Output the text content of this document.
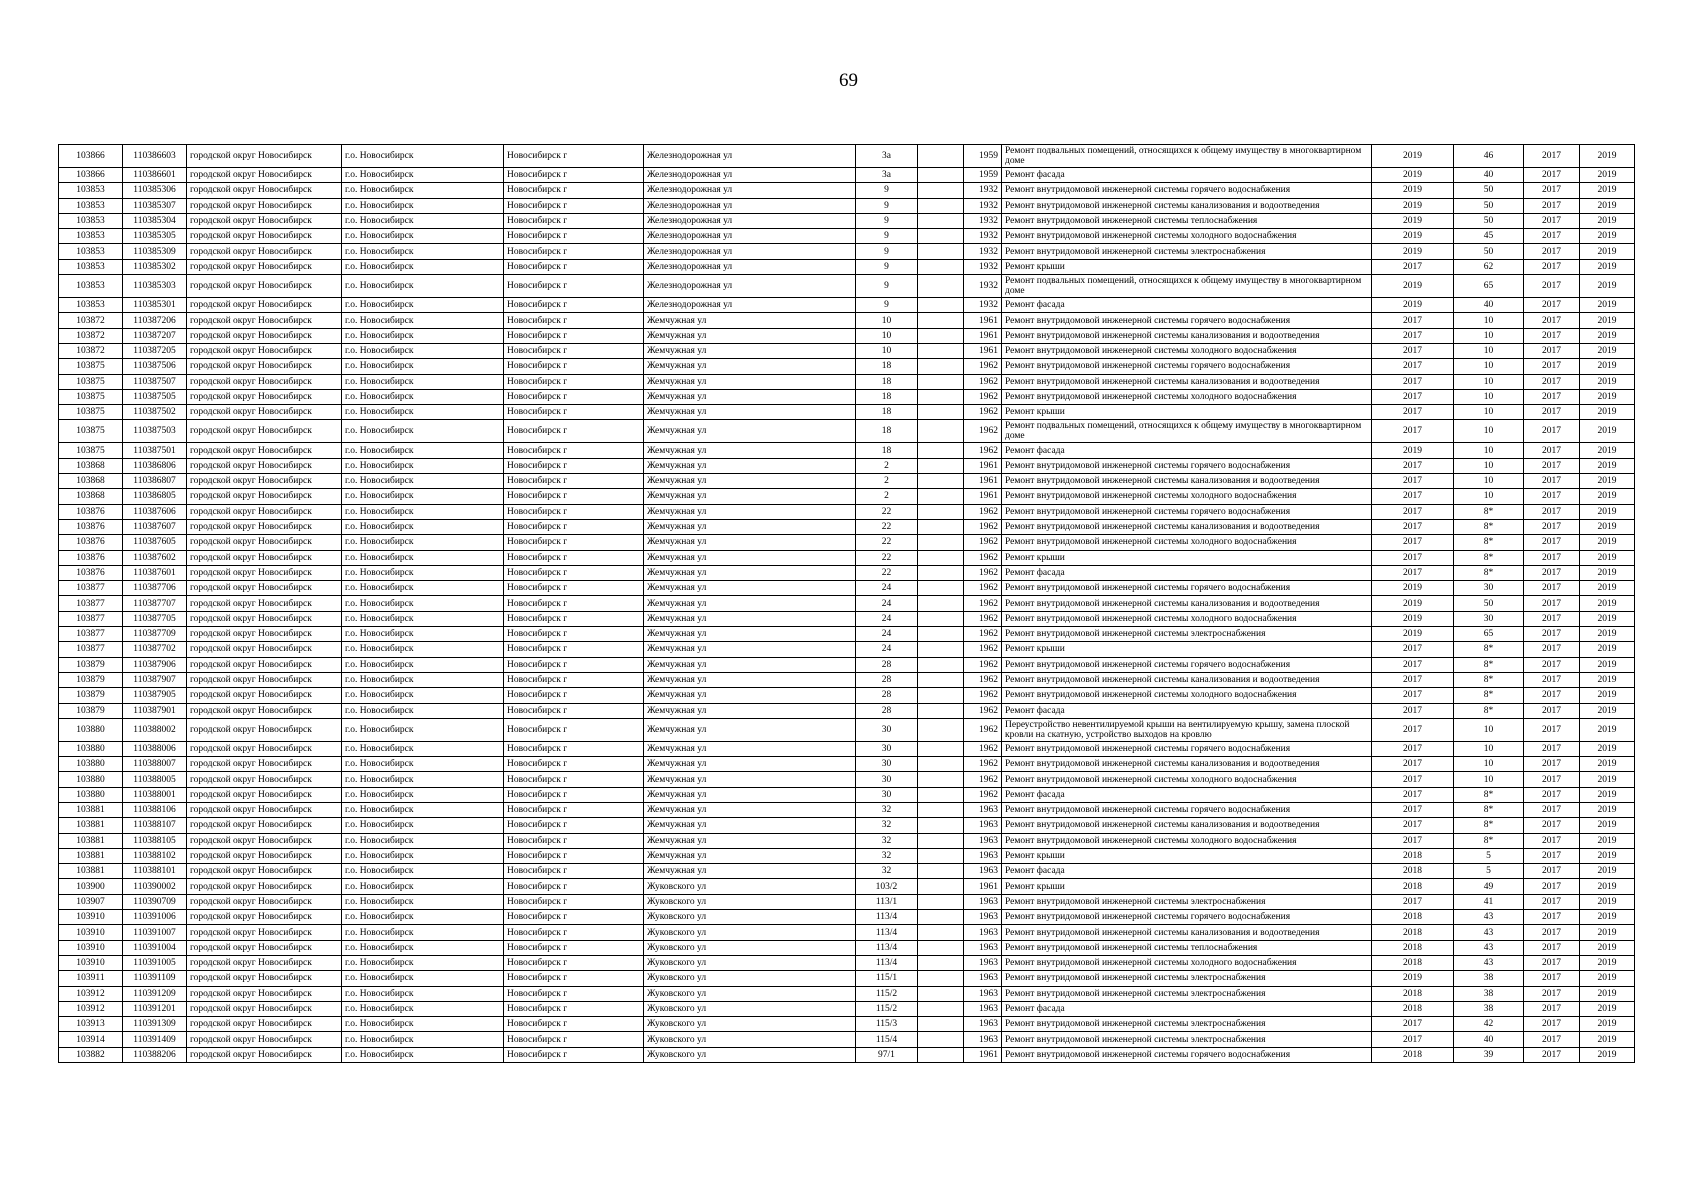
69
103866	110386603	городской округ Новосибирск	г.о. Новосибирск	Новосибирск г	Железнодорожная ул	3а		1959	Ремонт подвальных помещений, относящихся к общему имуществу в многоквартирном доме	2019	46	2017	2019
103866	110386601	городской округ Новосибирск	г.о. Новосибирск	Новосибирск г	Железнодорожная ул	3а		1959	Ремонт фасада	2019	40	2017	2019
103853	110385306	городской округ Новосибирск	г.о. Новосибирск	Новосибирск г	Железнодорожная ул	9		1932	Ремонт внутридомовой инженерной системы горячего водоснабжения	2019	50	2017	2019
103853	110385307	городской округ Новосибирск	г.о. Новосибирск	Новосибирск г	Железнодорожная ул	9		1932	Ремонт внутридомовой инженерной системы канализования и водоотведения	2019	50	2017	2019
103853	110385304	городской округ Новосибирск	г.о. Новосибирск	Новосибирск г	Железнодорожная ул	9		1932	Ремонт внутридомовой инженерной системы теплоснабжения	2019	50	2017	2019
103853	110385305	городской округ Новосибирск	г.о. Новосибирск	Новосибирск г	Железнодорожная ул	9		1932	Ремонт внутридомовой инженерной системы холодного водоснабжения	2019	45	2017	2019
103853	110385309	городской округ Новосибирск	г.о. Новосибирск	Новосибирск г	Железнодорожная ул	9		1932	Ремонт внутридомовой инженерной системы электроснабжения	2019	50	2017	2019
103853	110385302	городской округ Новосибирск	г.о. Новосибирск	Новосибирск г	Железнодорожная ул	9		1932	Ремонт крыши	2017	62	2017	2019
103853	110385303	городской округ Новосибирск	г.о. Новосибирск	Новосибирск г	Железнодорожная ул	9		1932	Ремонт подвальных помещений, относящихся к общему имуществу в многоквартирном доме	2019	65	2017	2019
103853	110385301	городской округ Новосибирск	г.о. Новосибирск	Новосибирск г	Железнодорожная ул	9		1932	Ремонт фасада	2019	40	2017	2019
103872	110387206	городской округ Новосибирск	г.о. Новосибирск	Новосибирск г	Жемчужная ул	10		1961	Ремонт внутридомовой инженерной системы горячего водоснабжения	2017	10	2017	2019
103872	110387207	городской округ Новосибирск	г.о. Новосибирск	Новосибирск г	Жемчужная ул	10		1961	Ремонт внутридомовой инженерной системы канализования и водоотведения	2017	10	2017	2019
103872	110387205	городской округ Новосибирск	г.о. Новосибирск	Новосибирск г	Жемчужная ул	10		1961	Ремонт внутридомовой инженерной системы холодного водоснабжения	2017	10	2017	2019
103875	110387506	городской округ Новосибирск	г.о. Новосибирск	Новосибирск г	Жемчужная ул	18		1962	Ремонт внутридомовой инженерной системы горячего водоснабжения	2017	10	2017	2019
103875	110387507	городской округ Новосибирск	г.о. Новосибирск	Новосибирск г	Жемчужная ул	18		1962	Ремонт внутридомовой инженерной системы канализования и водоотведения	2017	10	2017	2019
103875	110387505	городской округ Новосибирск	г.о. Новосибирск	Новосибирск г	Жемчужная ул	18		1962	Ремонт внутридомовой инженерной системы холодного водоснабжения	2017	10	2017	2019
103875	110387502	городской округ Новосибирск	г.о. Новосибирск	Новосибирск г	Жемчужная ул	18		1962	Ремонт крыши	2017	10	2017	2019
103875	110387503	городской округ Новосибирск	г.о. Новосибирск	Новосибирск г	Жемчужная ул	18		1962	Ремонт подвальных помещений, относящихся к общему имуществу в многоквартирном доме	2017	10	2017	2019
103875	110387501	городской округ Новосибирск	г.о. Новосибирск	Новосибирск г	Жемчужная ул	18		1962	Ремонт фасада	2019	10	2017	2019
103868	110386806	городской округ Новосибирск	г.о. Новосибирск	Новосибирск г	Жемчужная ул	2		1961	Ремонт внутридомовой инженерной системы горячего водоснабжения	2017	10	2017	2019
103868	110386807	городской округ Новосибирск	г.о. Новосибирск	Новосибирск г	Жемчужная ул	2		1961	Ремонт внутридомовой инженерной системы канализования и водоотведения	2017	10	2017	2019
103868	110386805	городской округ Новосибирск	г.о. Новосибирск	Новосибирск г	Жемчужная ул	2		1961	Ремонт внутридомовой инженерной системы холодного водоснабжения	2017	10	2017	2019
103876	110387606	городской округ Новосибирск	г.о. Новосибирск	Новосибирск г	Жемчужная ул	22		1962	Ремонт внутридомовой инженерной системы горячего водоснабжения	2017	8*	2017	2019
103876	110387607	городской округ Новосибирск	г.о. Новосибирск	Новосибирск г	Жемчужная ул	22		1962	Ремонт внутридомовой инженерной системы канализования и водоотведения	2017	8*	2017	2019
103876	110387605	городской округ Новосибирск	г.о. Новосибирск	Новосибирск г	Жемчужная ул	22		1962	Ремонт внутридомовой инженерной системы холодного водоснабжения	2017	8*	2017	2019
103876	110387602	городской округ Новосибирск	г.о. Новосибирск	Новосибирск г	Жемчужная ул	22		1962	Ремонт крыши	2017	8*	2017	2019
103876	110387601	городской округ Новосибирск	г.о. Новосибирск	Новосибирск г	Жемчужная ул	22		1962	Ремонт фасада	2017	8*	2017	2019
103877	110387706	городской округ Новосибирск	г.о. Новосибирск	Новосибирск г	Жемчужная ул	24		1962	Ремонт внутридомовой инженерной системы горячего водоснабжения	2019	30	2017	2019
103877	110387707	городской округ Новосибирск	г.о. Новосибирск	Новосибирск г	Жемчужная ул	24		1962	Ремонт внутридомовой инженерной системы канализования и водоотведения	2019	50	2017	2019
103877	110387705	городской округ Новосибирск	г.о. Новосибирск	Новосибирск г	Жемчужная ул	24		1962	Ремонт внутридомовой инженерной системы холодного водоснабжения	2019	30	2017	2019
103877	110387709	городской округ Новосибирск	г.о. Новосибирск	Новосибирск г	Жемчужная ул	24		1962	Ремонт внутридомовой инженерной системы электроснабжения	2019	65	2017	2019
103877	110387702	городской округ Новосибирск	г.о. Новосибирск	Новосибирск г	Жемчужная ул	24		1962	Ремонт крыши	2017	8*	2017	2019
103879	110387906	городской округ Новосибирск	г.о. Новосибирск	Новосибирск г	Жемчужная ул	28		1962	Ремонт внутридомовой инженерной системы горячего водоснабжения	2017	8*	2017	2019
103879	110387907	городской округ Новосибирск	г.о. Новосибирск	Новосибирск г	Жемчужная ул	28		1962	Ремонт внутридомовой инженерной системы канализования и водоотведения	2017	8*	2017	2019
103879	110387905	городской округ Новосибирск	г.о. Новосибирск	Новосибирск г	Жемчужная ул	28		1962	Ремонт внутридомовой инженерной системы холодного водоснабжения	2017	8*	2017	2019
103879	110387901	городской округ Новосибирск	г.о. Новосибирск	Новосибирск г	Жемчужная ул	28		1962	Ремонт фасада	2017	8*	2017	2019
103880	110388002	городской округ Новосибирск	г.о. Новосибирск	Новосибирск г	Жемчужная ул	30		1962	Переустройство невентилируемой крыши на вентилируемую крышу, замена плоской кровли на скатную, устройство выходов на кровлю	2017	10	2017	2019
103880	110388006	городской округ Новосибирск	г.о. Новосибирск	Новосибирск г	Жемчужная ул	30		1962	Ремонт внутридомовой инженерной системы горячего водоснабжения	2017	10	2017	2019
103880	110388007	городской округ Новосибирск	г.о. Новосибирск	Новосибирск г	Жемчужная ул	30		1962	Ремонт внутридомовой инженерной системы канализования и водоотведения	2017	10	2017	2019
103880	110388005	городской округ Новосибирск	г.о. Новосибирск	Новосибирск г	Жемчужная ул	30		1962	Ремонт внутридомовой инженерной системы холодного водоснабжения	2017	10	2017	2019
103880	110388001	городской округ Новосибирск	г.о. Новосибирск	Новосибирск г	Жемчужная ул	30		1962	Ремонт фасада	2017	8*	2017	2019
103881	110388106	городской округ Новосибирск	г.о. Новосибирск	Новосибирск г	Жемчужная ул	32		1963	Ремонт внутридомовой инженерной системы горячего водоснабжения	2017	8*	2017	2019
103881	110388107	городской округ Новосибирск	г.о. Новосибирск	Новосибирск г	Жемчужная ул	32		1963	Ремонт внутридомовой инженерной системы канализования и водоотведения	2017	8*	2017	2019
103881	110388105	городской округ Новосибирск	г.о. Новосибирск	Новосибирск г	Жемчужная ул	32		1963	Ремонт внутридомовой инженерной системы холодного водоснабжения	2017	8*	2017	2019
103881	110388102	городской округ Новосибирск	г.о. Новосибирск	Новосибирск г	Жемчужная ул	32		1963	Ремонт крыши	2018	5	2017	2019
103881	110388101	городской округ Новосибирск	г.о. Новосибирск	Новосибирск г	Жемчужная ул	32		1963	Ремонт фасада	2018	5	2017	2019
103900	110390002	городской округ Новосибирск	г.о. Новосибирск	Новосибирск г	Жуковского ул	103/2		1961	Ремонт крыши	2018	49	2017	2019
103907	110390709	городской округ Новосибирск	г.о. Новосибирск	Новосибирск г	Жуковского ул	113/1		1963	Ремонт внутридомовой инженерной системы электроснабжения	2017	41	2017	2019
103910	110391006	городской округ Новосибирск	г.о. Новосибирск	Новосибирск г	Жуковского ул	113/4		1963	Ремонт внутридомовой инженерной системы горячего водоснабжения	2018	43	2017	2019
103910	110391007	городской округ Новосибирск	г.о. Новосибирск	Новосибирск г	Жуковского ул	113/4		1963	Ремонт внутридомовой инженерной системы канализования и водоотведения	2018	43	2017	2019
103910	110391004	городской округ Новосибирск	г.о. Новосибирск	Новосибирск г	Жуковского ул	113/4		1963	Ремонт внутридомовой инженерной системы теплоснабжения	2018	43	2017	2019
103910	110391005	городской округ Новосибирск	г.о. Новосибирск	Новосибирск г	Жуковского ул	113/4		1963	Ремонт внутридомовой инженерной системы холодного водоснабжения	2018	43	2017	2019
103911	110391109	городской округ Новосибирск	г.о. Новосибирск	Новосибирск г	Жуковского ул	115/1		1963	Ремонт внутридомовой инженерной системы электроснабжения	2019	38	2017	2019
103912	110391209	городской округ Новосибирск	г.о. Новосибирск	Новосибирск г	Жуковского ул	115/2		1963	Ремонт внутридомовой инженерной системы электроснабжения	2018	38	2017	2019
103912	110391201	городской округ Новосибирск	г.о. Новосибирск	Новосибирск г	Жуковского ул	115/2		1963	Ремонт фасада	2018	38	2017	2019
103913	110391309	городской округ Новосибирск	г.о. Новосибирск	Новосибирск г	Жуковского ул	115/3		1963	Ремонт внутридомовой инженерной системы электроснабжения	2017	42	2017	2019
103914	110391409	городской округ Новосибирск	г.о. Новосибирск	Новосибирск г	Жуковского ул	115/4		1963	Ремонт внутридомовой инженерной системы электроснабжения	2017	40	2017	2019
103882	110388206	городской округ Новосибирск	г.о. Новосибирск	Новосибирск г	Жуковского ул	97/1		1961	Ремонт внутридомовой инженерной системы горячего водоснабжения	2018	39	2017	2019
